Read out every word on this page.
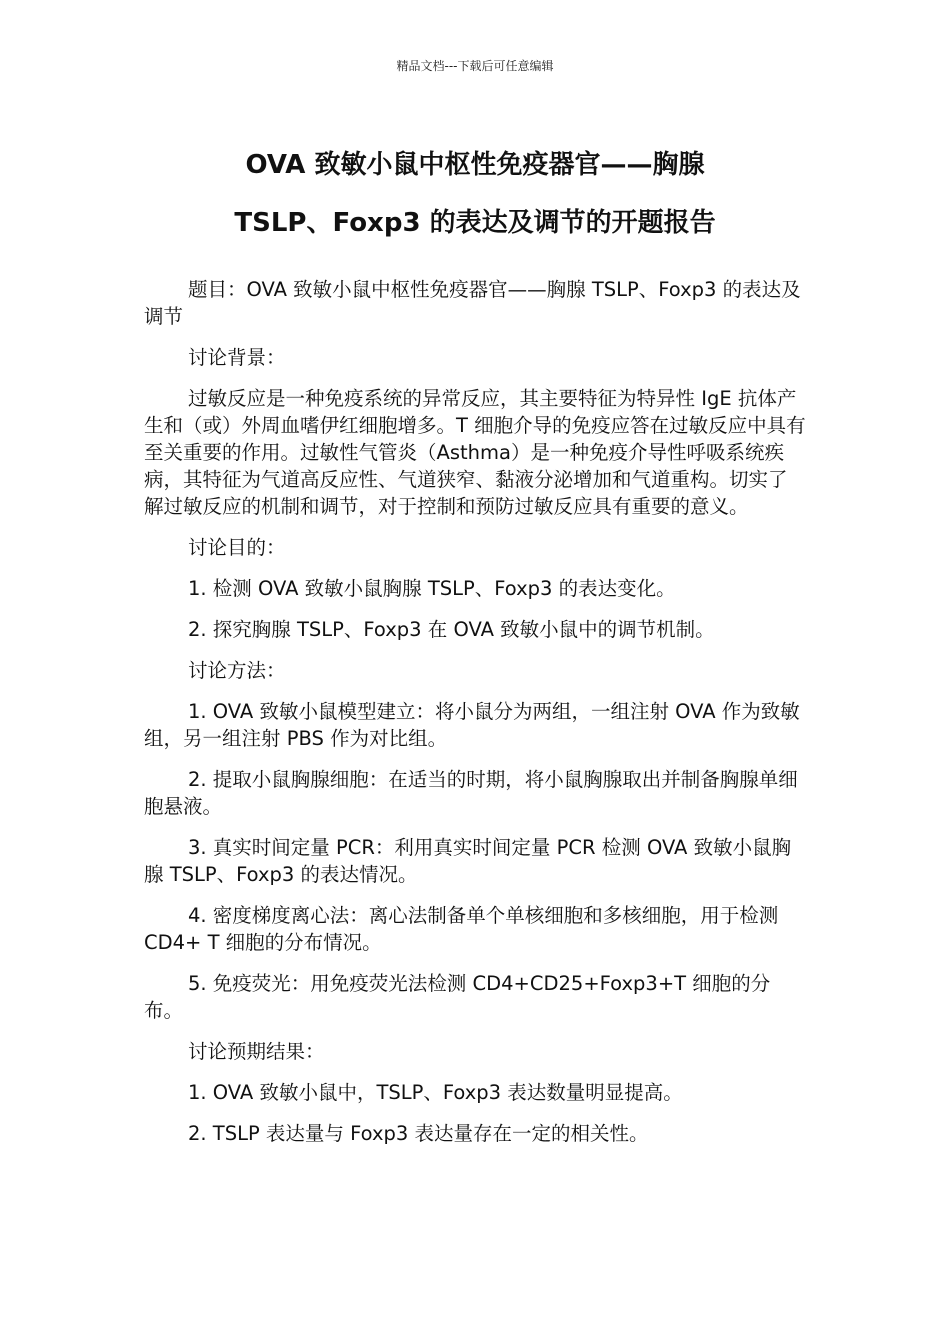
精品文档---下载后可任意编辑
OVA 致敏小鼠中枢性免疫器官——胸腺
TSLP、Foxp3 的表达及调节的开题报告

题目：OVA 致敏小鼠中枢性免疫器官——胸腺 TSLP、Foxp3 的表达及调节

讨论背景：

过敏反应是一种免疫系统的异常反应，其主要特征为特异性 IgE 抗体产生和（或）外周血嗜伊红细胞增多。T 细胞介导的免疫应答在过敏反应中具有至关重要的作用。过敏性气管炎（Asthma）是一种免疫介导性呼吸系统疾病，其特征为气道高反应性、气道狭窄、黏液分泌增加和气道重构。切实了解过敏反应的机制和调节，对于控制和预防过敏反应具有重要的意义。

讨论目的：

1. 检测 OVA 致敏小鼠胸腺 TSLP、Foxp3 的表达变化。

2. 探究胸腺 TSLP、Foxp3 在 OVA 致敏小鼠中的调节机制。

讨论方法：

1. OVA 致敏小鼠模型建立：将小鼠分为两组，一组注射 OVA 作为致敏组，另一组注射 PBS 作为对比组。

2. 提取小鼠胸腺细胞：在适当的时期，将小鼠胸腺取出并制备胸腺单细胞悬液。

3. 真实时间定量 PCR：利用真实时间定量 PCR 检测 OVA 致敏小鼠胸腺 TSLP、Foxp3 的表达情况。

4. 密度梯度离心法：离心法制备单个单核细胞和多核细胞，用于检测 CD4+ T 细胞的分布情况。

5. 免疫荧光：用免疫荧光法检测 CD4+CD25+Foxp3+T 细胞的分布。

讨论预期结果：

1. OVA 致敏小鼠中，TSLP、Foxp3 表达数量明显提高。

2. TSLP 表达量与 Foxp3 表达量存在一定的相关性。
